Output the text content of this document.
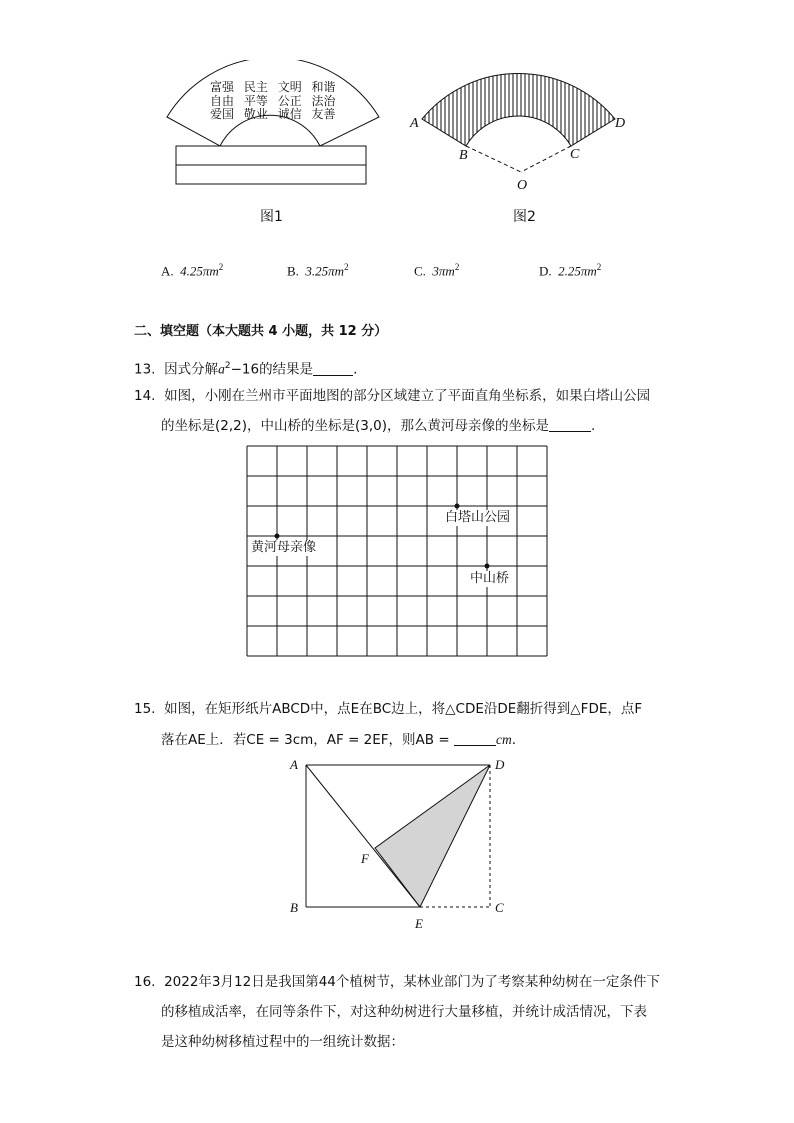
富强 民主 文明 和谐
自由 平等 公正 法治
爱国 敬业 诚信 友善
图1
A	D
B	C
O
图2
A. $4.25\pi m^2$	B. $3.25\pi m^2$	C. $3\pi m^2$	D. $2.25\pi m^2$
二、填空题（本大题共 4 小题，共 12 分）
13. 因式分解$a^2-16$的结果是	.
14. 如图，小刚在兰州市平面地图的部分区域建立了平面直角坐标系，如果白塔山公园
的坐标是(2,2)，中山桥的坐标是(3,0)，那么黄河母亲像的坐标是	.
白塔山公园
黄河母亲像
中山桥
15. 如图，在矩形纸片ABCD中，点E在BC边上，将△CDE沿DE翻折得到△FDE，点F
落在AE上．若CE = 3cm，AF = 2EF，则AB =	cm.
A	D
F
B	C
E
16. 2022年3月12日是我国第44个植树节，某林业部门为了考察某种幼树在一定条件下
的移植成活率，在同等条件下，对这种幼树进行大量移植，并统计成活情况，下表
是这种幼树移植过程中的一组统计数据：
